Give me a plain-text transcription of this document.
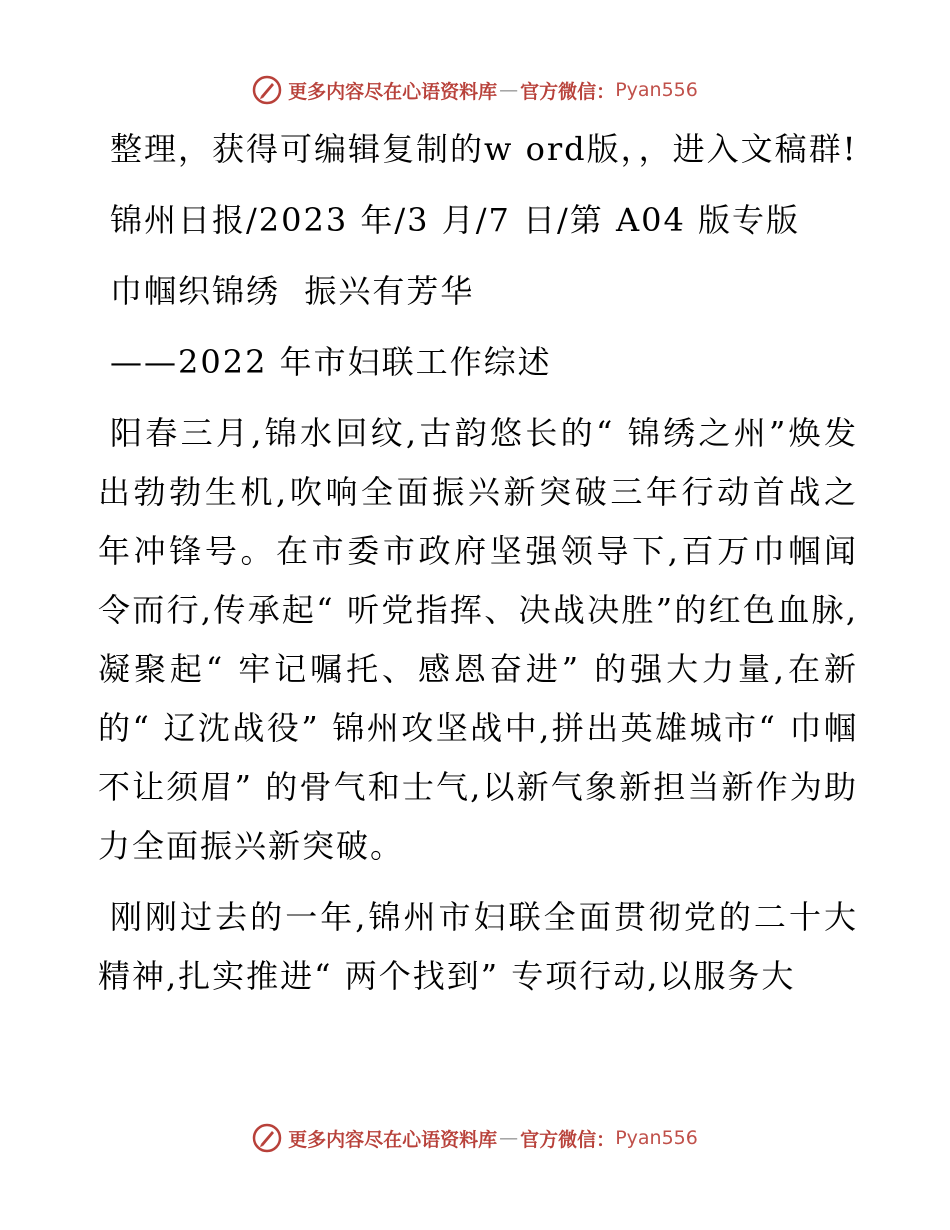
更多内容尽在心语资料库 — 官方微信： Pyan556

整理，获得可编辑复制的w ord版，，进入文稿群!

锦州日报/2023 年/3 月/7 日/第 A04 版专版

巾帼织锦绣  振兴有芳华

——2022 年市妇联工作综述

阳春三月,锦水回纹,古韵悠长的“ 锦绣之州”焕发出勃勃生机,吹响全面振兴新突破三年行动首战之年冲锋号。在市委市政府坚强领导下,百万巾帼闻令而行,传承起“ 听党指挥、决战决胜”的红色血脉,凝聚起“ 牢记嘱托、感恩奋进” 的强大力量,在新的“ 辽沈战役” 锦州攻坚战中,拼出英雄城市“ 巾帼不让须眉” 的骨气和士气,以新气象新担当新作为助力全面振兴新突破。

刚刚过去的一年,锦州市妇联全面贯彻党的二十大精神,扎实推进“ 两个找到” 专项行动,以服务大

更多内容尽在心语资料库 — 官方微信： Pyan556
